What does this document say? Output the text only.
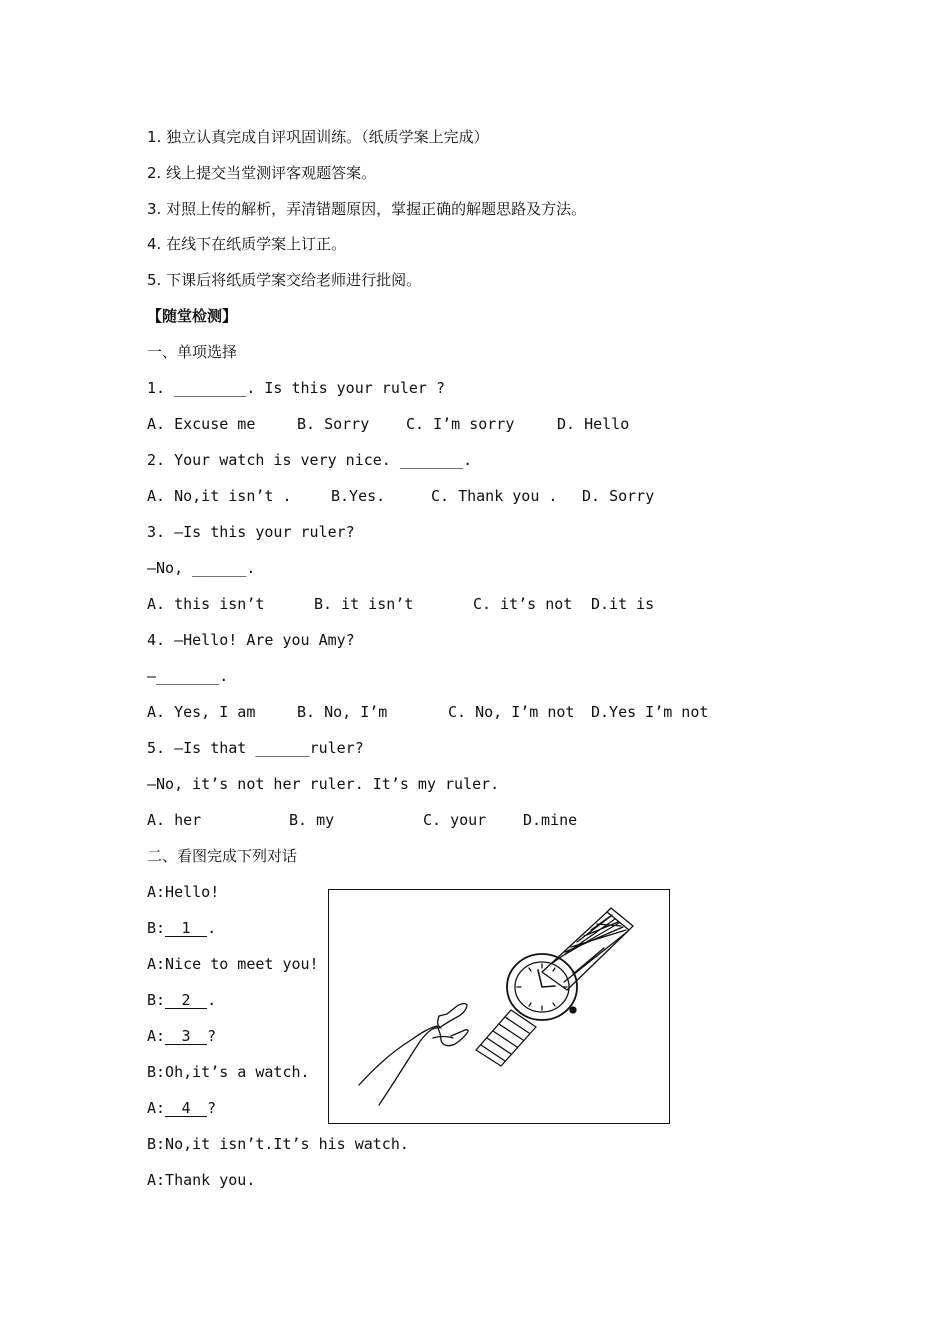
1. 独立认真完成自评巩固训练。（纸质学案上完成）
2. 线上提交当堂测评客观题答案。
3. 对照上传的解析，弄清错题原因，掌握正确的解题思路及方法。
4. 在线下在纸质学案上订正。
5. 下课后将纸质学案交给老师进行批阅。
【随堂检测】
一、单项选择
1. ________. Is this your ruler ?
A. Excuse me	B. Sorry C. I’m sorry	D. Hello
2. Your watch is very nice. _______.
A. No,it isn’t .	B.Yes.	C. Thank you . D. Sorry
3. —Is this your ruler?
—No, ______.
A. this isn’t	B. it isn’t	C. it’s not D.it is
4. —Hello! Are you Amy?
—_______.
A. Yes, I am	B. No, I’m	C. No, I’m not D.Yes I’m not
5. —Is that ______ruler?
—No, it’s not her ruler. It’s my ruler.
A. her	B. my	C. your D.mine
二、看图完成下列对话
A:Hello!
B: 1 .
A:Nice to meet you!
B: 2 .
A: 3 ?
B:Oh,it’s a watch.
A: 4 ?
B:No,it isn’t.It’s his watch.
A:Thank you.
